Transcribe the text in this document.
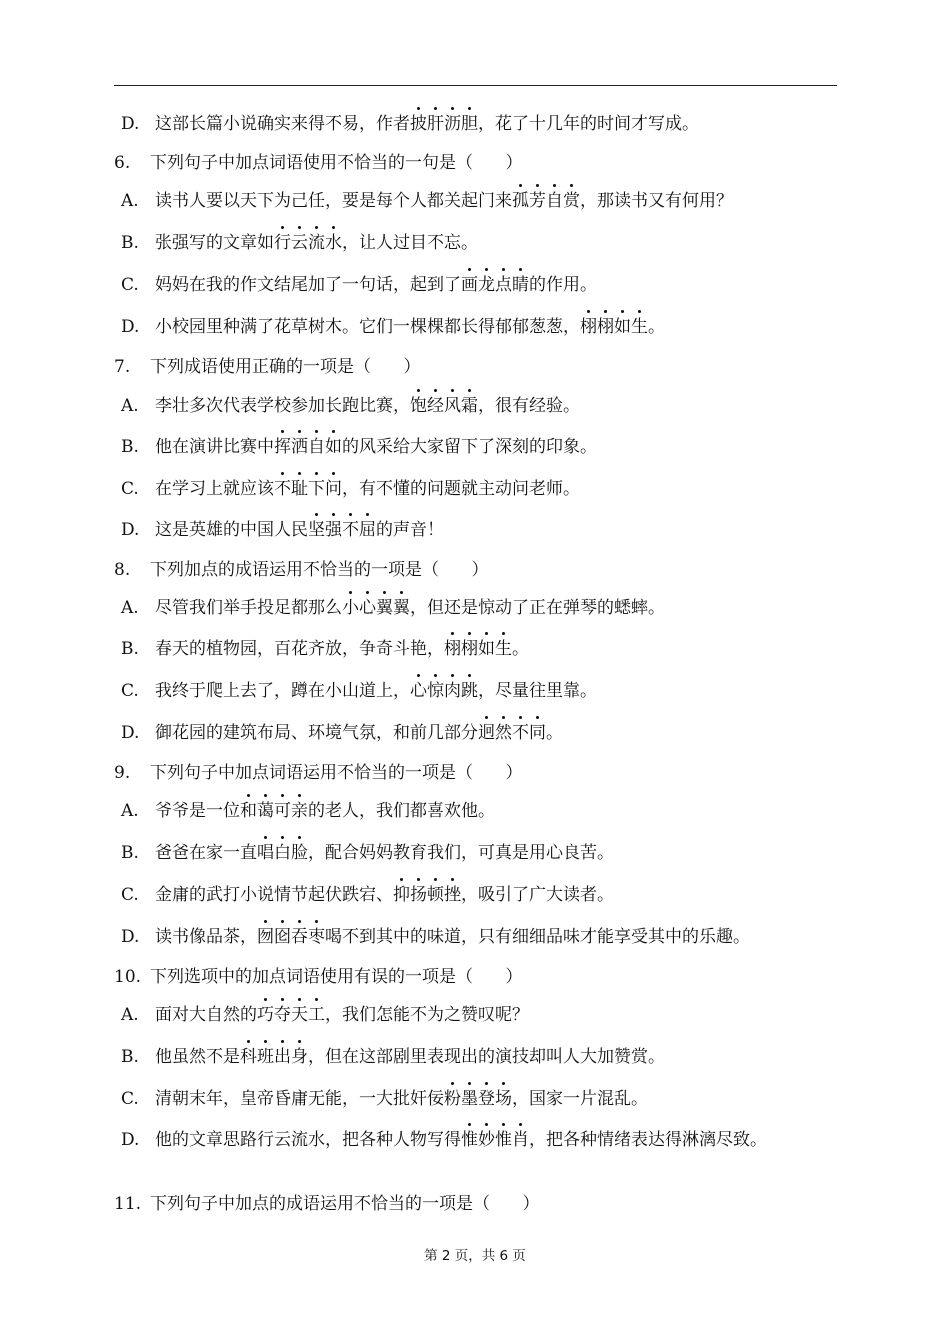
D. 这部长篇小说确实来得不易，作者披
肝
沥
胆
，花了十几年的时间才写成。
6. 下列句子中加点词语使用不恰当的一句是（ ）
A. 读书人要以天下为己任，要是每个人都关起门来孤
芳
自
赏
，那读书又有何用？
B. 张强写的文章如行
云
流
水
，让人过目不忘。
C. 妈妈在我的作文结尾加了一句话，起到了画
龙
点
睛
的作用。
D. 小校园里种满了花草树木。它们一棵棵都长得郁郁葱葱，栩
栩
如
生
。
7. 下列成语使用正确的一项是（ ）
A. 李壮多次代表学校参加长跑比赛，饱
经
风
霜
，很有经验。
B. 他在演讲比赛中挥
洒
自
如
的风采给大家留下了深刻的印象。
C. 在学习上就应该不
耻
下
问
，有不懂的问题就主动问老师。
D. 这是英雄的中国人民坚
强
不
屈
的声音！
8. 下列加点的成语运用不恰当的一项是（ ）
A. 尽管我们举手投足都那么小
心
翼
翼
，但还是惊动了正在弹琴的蟋蟀。
B. 春天的植物园，百花齐放，争奇斗艳，栩
栩
如
生
。
C. 我终于爬上去了，蹲在小山道上，心
惊
肉
跳
，尽量往里靠。
D. 御花园的建筑布局、环境气氛，和前几部分迥
然
不
同
。
9. 下列句子中加点词语运用不恰当的一项是（ ）
A. 爷爷是一位和
蔼
可
亲
的老人，我们都喜欢他。
B. 爸爸在家一直唱
白
脸
，配合妈妈教育我们，可真是用心良苦。
C. 金庸的武打小说情节起伏跌宕、抑
扬
顿
挫
，吸引了广大读者。
D. 读书像品茶，囫
囵
吞
枣
喝不到其中的味道，只有细细品味才能享受其中的乐趣。
10. 下列选项中的加点词语使用有误的一项是（ ）
A. 面对大自然的巧
夺
天
工
，我们怎能不为之赞叹呢？
B. 他虽然不是科
班
出
身
，但在这部剧里表现出的演技却叫人大加赞赏。
C. 清朝末年，皇帝昏庸无能，一大批奸佞粉
墨
登
场
，国家一片混乱。
D. 他的文章思路行云流水，把各种人物写得惟
妙
惟
肖
，把各种情绪表达得淋漓尽致。
11. 下列句子中加点的成语运用不恰当的一项是（ ）
第 2 页，共 6 页
